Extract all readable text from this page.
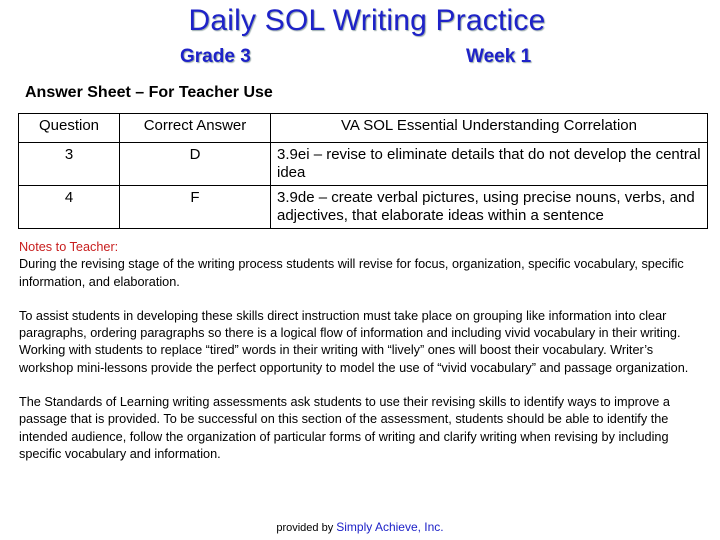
Daily SOL Writing Practice
Grade 3	Week 1
Answer Sheet – For Teacher Use
Question	Correct Answer	VA SOL Essential Understanding Correlation
3	D	3.9ei – revise to eliminate details that do not develop the central idea
4	F	3.9de – create verbal pictures, using precise nouns, verbs, and adjectives, that elaborate ideas within a sentence

Notes to Teacher:
During the revising stage of the writing process students will revise for focus, organization, specific vocabulary, specific information, and elaboration.

To assist students in developing these skills direct instruction must take place on grouping like information into clear paragraphs, ordering paragraphs so there is a logical flow of information and including vivid vocabulary in their writing. Working with students to replace “tired” words in their writing with “lively” ones will boost their vocabulary. Writer’s workshop mini-lessons provide the perfect opportunity to model the use of “vivid vocabulary” and passage organization.

The Standards of Learning writing assessments ask students to use their revising skills to identify ways to improve a passage that is provided. To be successful on this section of the assessment, students should be able to identify the intended audience, follow the organization of particular forms of writing and clarify writing when revising by including specific vocabulary and information.

provided by Simply Achieve, Inc.
